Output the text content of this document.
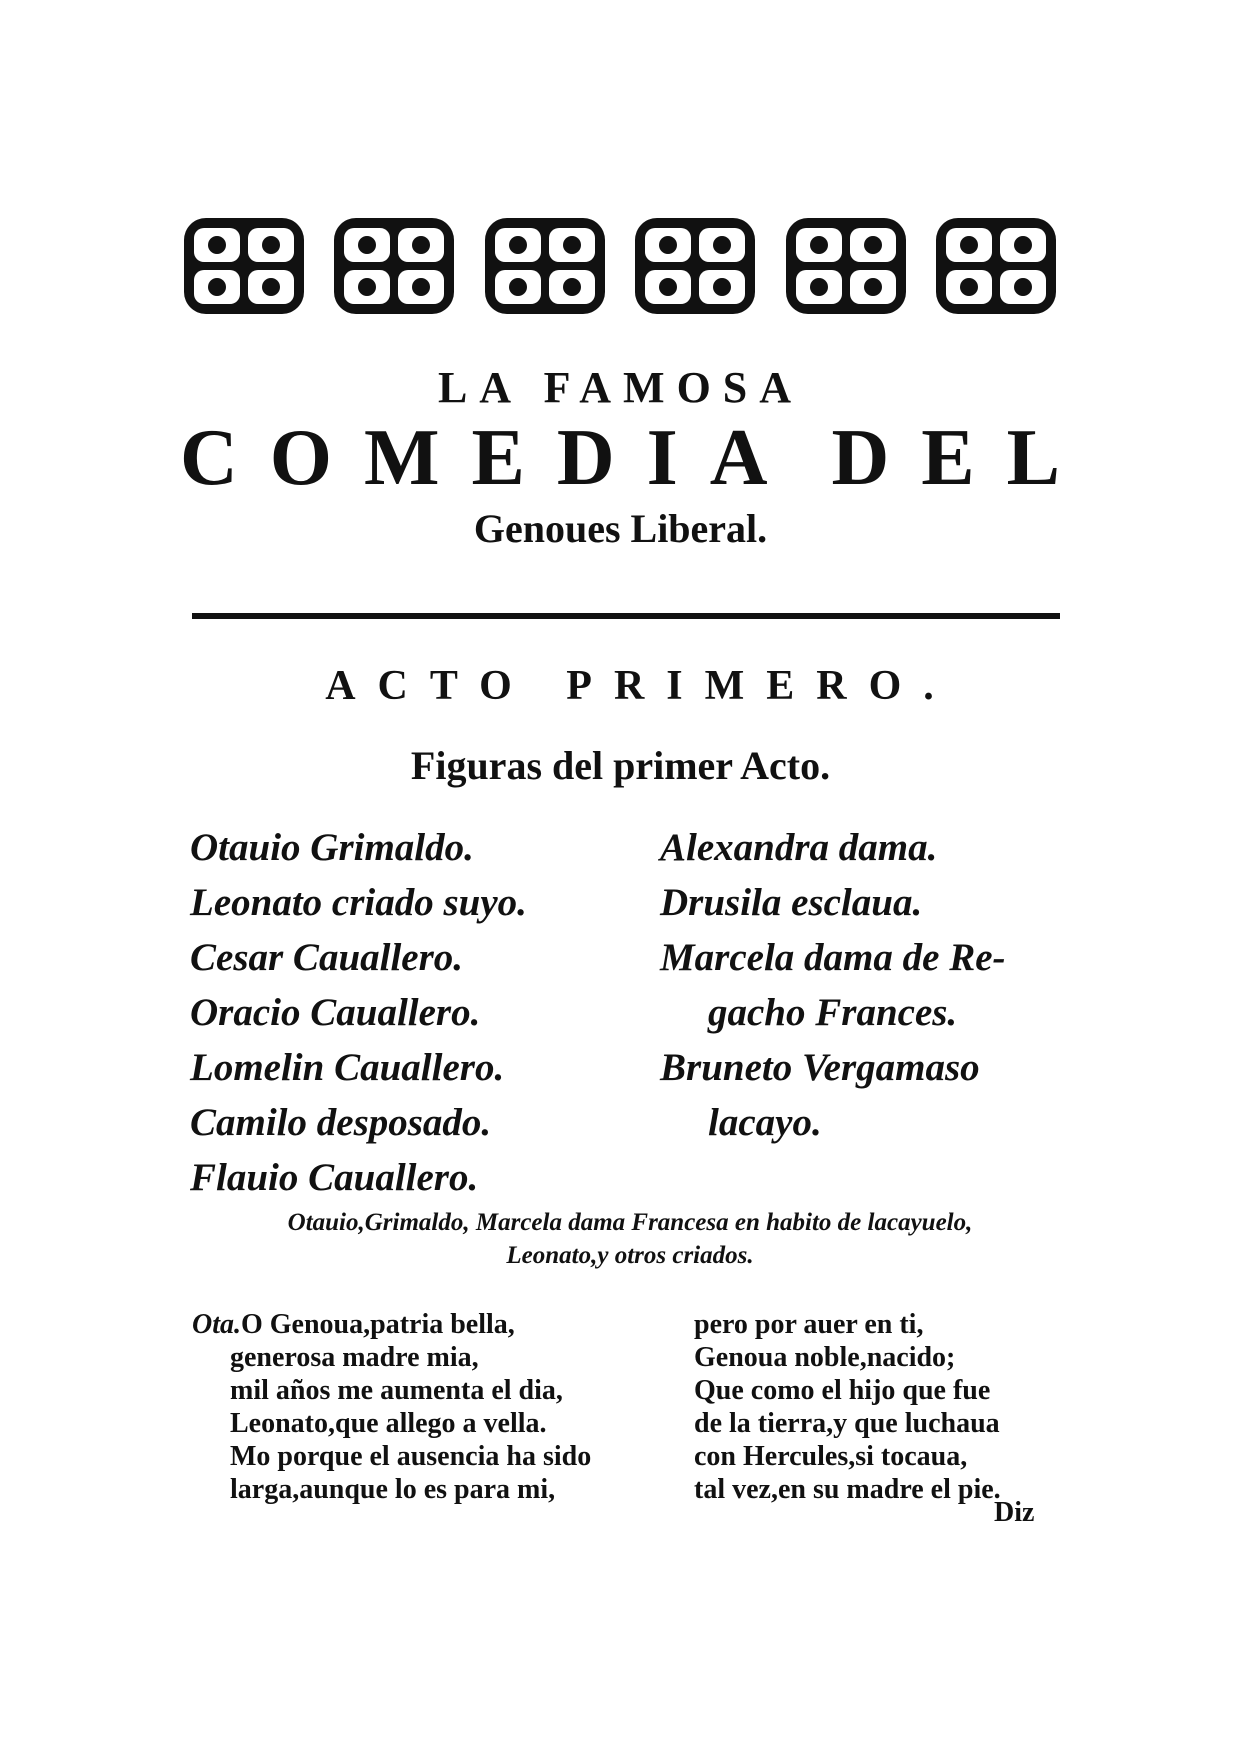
LA FAMOSA
C O M E D I A D E L
Genoues Liberal.
ACTO PRIMERO.
Figuras del primer Acto.
Otauio Grimaldo.
Leonato criado suyo.
Cesar Cauallero.
Oracio Cauallero.
Lomelin Cauallero.
Camilo desposado.
Flauio Cauallero.
Alexandra dama.
Drusila esclaua.
Marcela dama de Re-
gacho Frances.
Bruneto Vergamaso
lacayo.
Otauio,Grimaldo, Marcela dama Francesa en habito de lacayuelo,
Leonato,y otros criados.
Ota.O Genoua,patria bella,
generosa madre mia,
mil años me aumenta el dia,
Leonato,que allego a vella.
Mo porque el ausencia ha sido
larga,aunque lo es para mi,
pero por auer en ti,
Genoua noble,nacido;
Que como el hijo que fue
de la tierra,y que luchaua
con Hercules,si tocaua,
tal vez,en su madre el pie.
Diz
